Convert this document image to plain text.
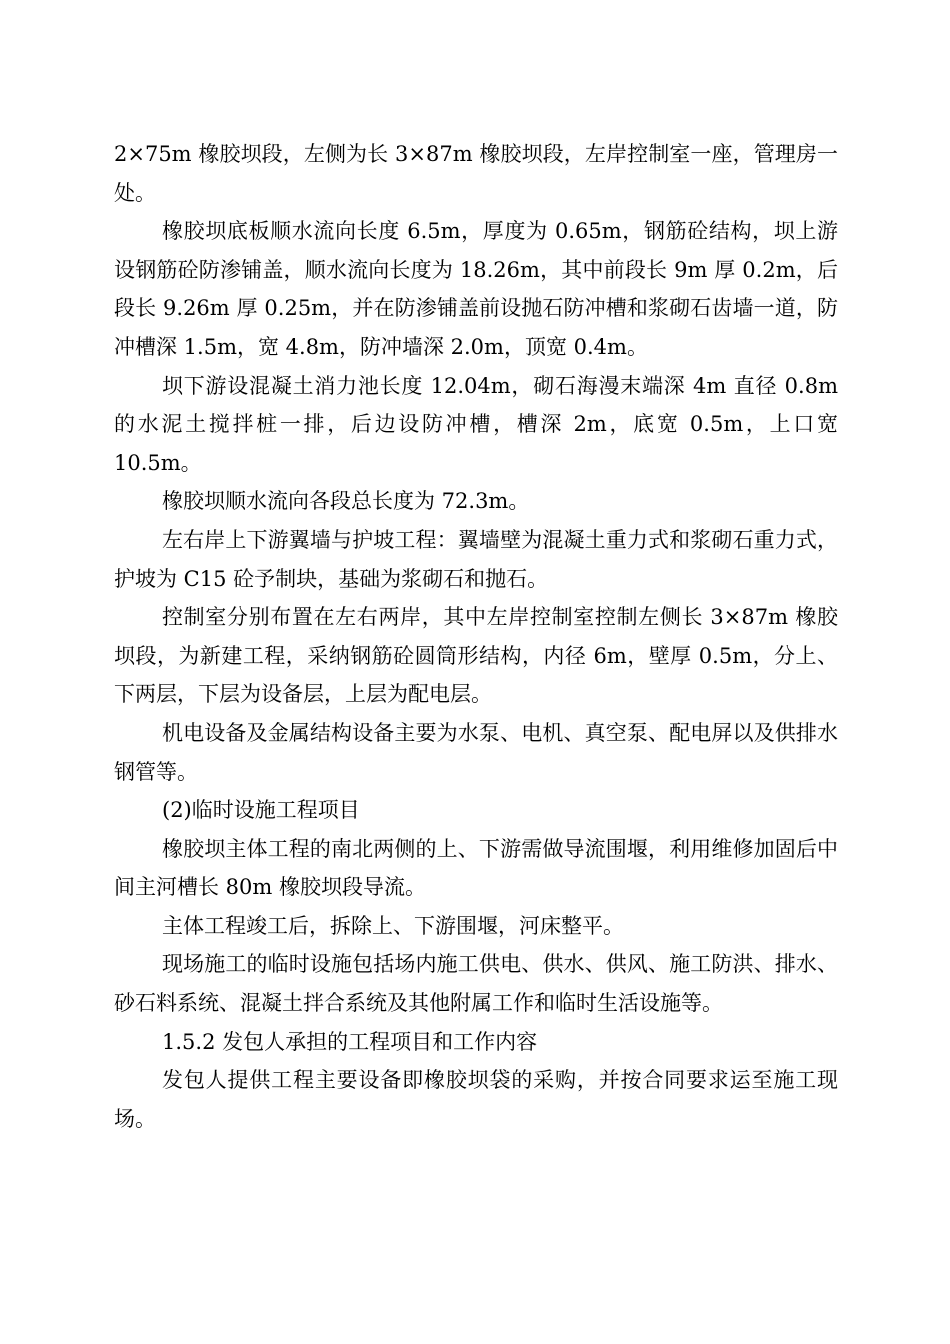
2×75m 橡胶坝段，左侧为长 3×87m 橡胶坝段，左岸控制室一座，管理房一处。

橡胶坝底板顺水流向长度 6.5m，厚度为 0.65m，钢筋砼结构，坝上游设钢筋砼防渗铺盖，顺水流向长度为 18.26m，其中前段长 9m 厚 0.2m，后段长 9.26m 厚 0.25m，并在防渗铺盖前设抛石防冲槽和浆砌石齿墙一道，防冲槽深 1.5m，宽 4.8m，防冲墙深 2.0m，顶宽 0.4m。

坝下游设混凝土消力池长度 12.04m，砌石海漫末端深 4m 直径 0.8m 的水泥土搅拌桩一排，后边设防冲槽，槽深 2m，底宽 0.5m，上口宽 10.5m。

橡胶坝顺水流向各段总长度为 72.3m。

左右岸上下游翼墙与护坡工程：翼墙壁为混凝土重力式和浆砌石重力式，护坡为 C15 砼予制块，基础为浆砌石和抛石。

控制室分别布置在左右两岸，其中左岸控制室控制左侧长 3×87m 橡胶坝段，为新建工程，采纳钢筋砼圆筒形结构，内径 6m，壁厚 0.5m，分上、下两层，下层为设备层，上层为配电层。

机电设备及金属结构设备主要为水泵、电机、真空泵、配电屏以及供排水钢管等。

(2)临时设施工程项目

橡胶坝主体工程的南北两侧的上、下游需做导流围堰，利用维修加固后中间主河槽长 80m 橡胶坝段导流。

主体工程竣工后，拆除上、下游围堰，河床整平。

现场施工的临时设施包括场内施工供电、供水、供风、施工防洪、排水、砂石料系统、混凝土拌合系统及其他附属工作和临时生活设施等。

1.5.2 发包人承担的工程项目和工作内容

发包人提供工程主要设备即橡胶坝袋的采购，并按合同要求运至施工现场。
